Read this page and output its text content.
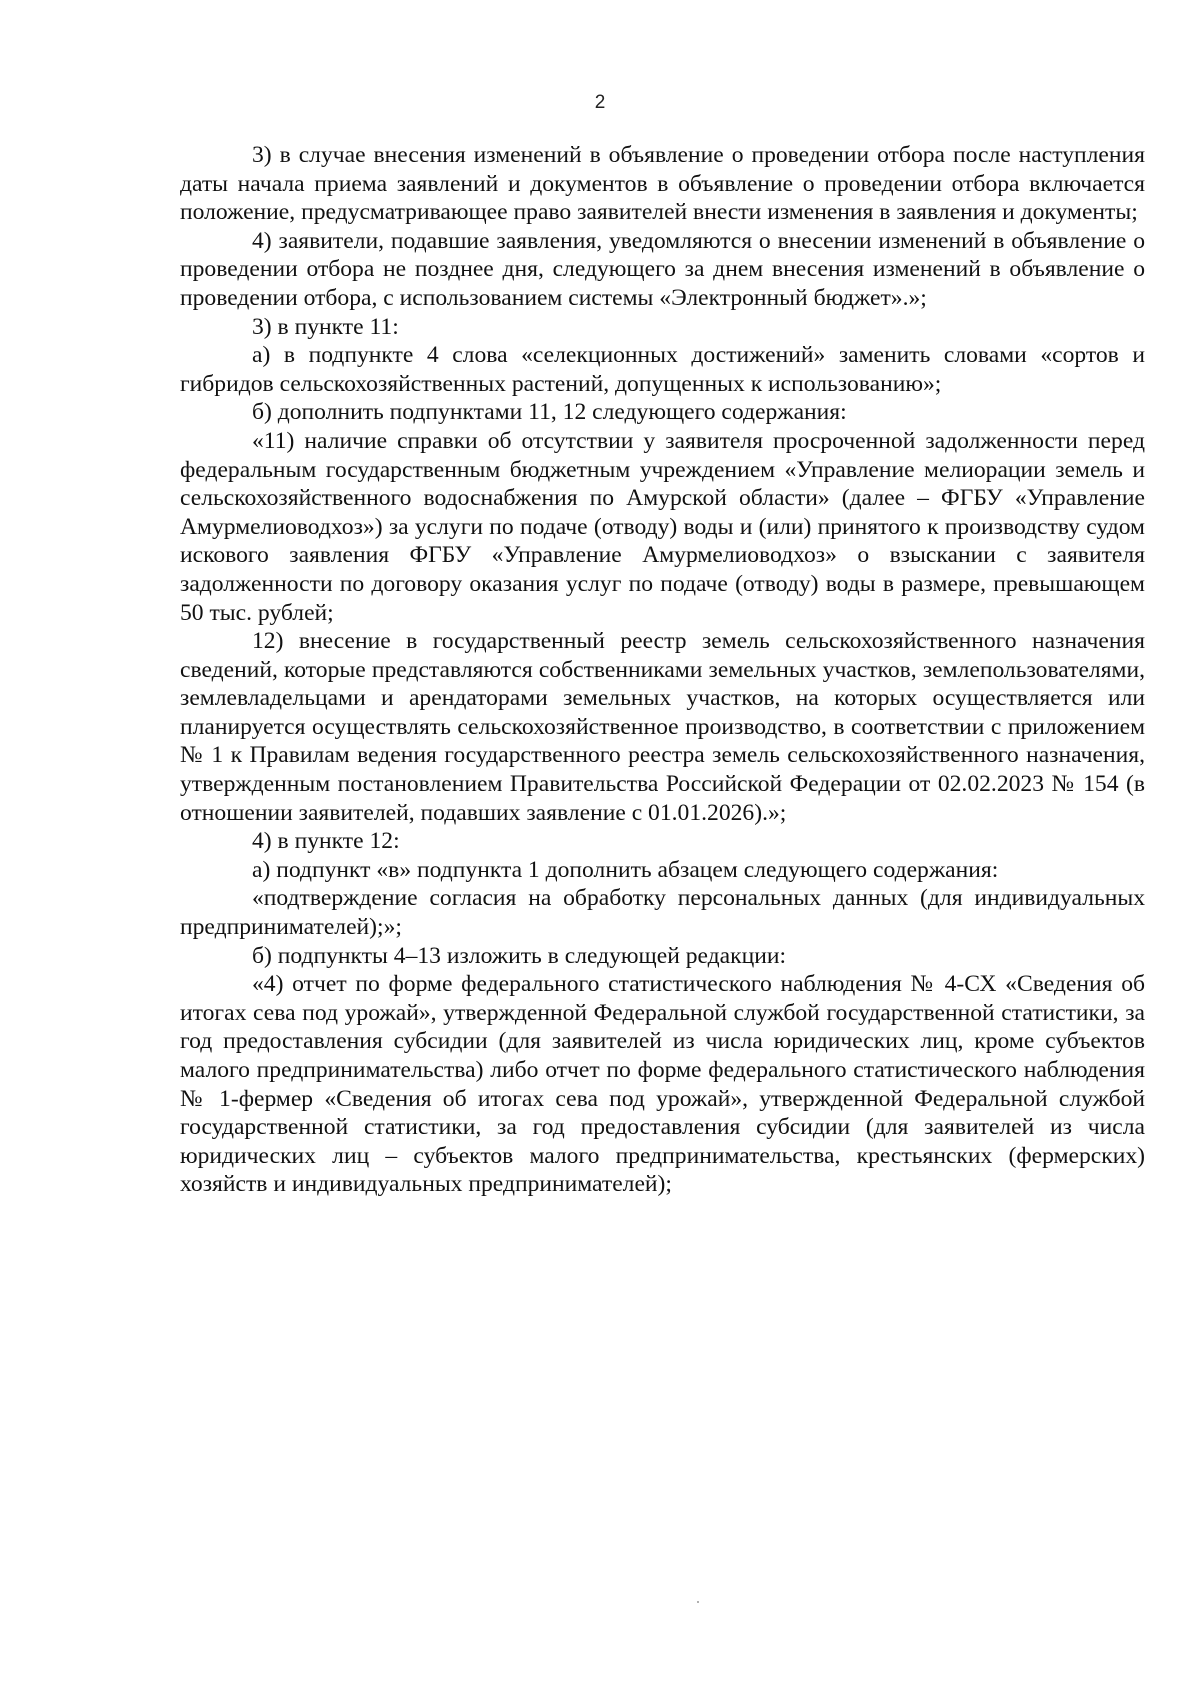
2

3) в случае внесения изменений в объявление о проведении отбора после наступления даты начала приема заявлений и документов в объявление о проведении отбора включается положение, предусматривающее право заявителей внести изменения в заявления и документы;

4) заявители, подавшие заявления, уведомляются о внесении изменений в объявление о проведении отбора не позднее дня, следующего за днем внесения изменений в объявление о проведении отбора, с использованием системы «Электронный бюджет».»;

3) в пункте 11:

а) в подпункте 4 слова «селекционных достижений» заменить словами «сортов и гибридов сельскохозяйственных растений, допущенных к использованию»;

б) дополнить подпунктами 11, 12 следующего содержания:

«11) наличие справки об отсутствии у заявителя просроченной задолженности перед федеральным государственным бюджетным учреждением «Управление мелиорации земель и сельскохозяйственного водоснабжения по Амурской области» (далее – ФГБУ «Управление Амурмелиоводхоз») за услуги по подаче (отводу) воды и (или) принятого к производству судом искового заявления ФГБУ «Управление Амурмелиоводхоз» о взыскании с заявителя задолженности по договору оказания услуг по подаче (отводу) воды в размере, превышающем 50 тыс. рублей;

12) внесение в государственный реестр земель сельскохозяйственного назначения сведений, которые представляются собственниками земельных участков, землепользователями, землевладельцами и арендаторами земельных участков, на которых осуществляется или планируется осуществлять сельскохозяйственное производство, в соответствии с приложением № 1 к Правилам ведения государственного реестра земель сельскохозяйственного назначения, утвержденным постановлением Правительства Российской Федерации от 02.02.2023 № 154 (в отношении заявителей, подавших заявление с 01.01.2026).»;

4) в пункте 12:

а) подпункт «в» подпункта 1 дополнить абзацем следующего содержания:

«подтверждение согласия на обработку персональных данных (для индивидуальных предпринимателей);»;

б) подпункты 4–13 изложить в следующей редакции:

«4) отчет по форме федерального статистического наблюдения № 4-СХ «Сведения об итогах сева под урожай», утвержденной Федеральной службой государственной статистики, за год предоставления субсидии (для заявителей из числа юридических лиц, кроме субъектов малого предпринимательства) либо отчет по форме федерального статистического наблюдения № 1-фермер «Сведения об итогах сева под урожай», утвержденной Федеральной службой государственной статистики, за год предоставления субсидии (для заявителей из числа юридических лиц – субъектов малого предпринимательства, крестьянских (фермерских) хозяйств и индивидуальных предпринимателей);
